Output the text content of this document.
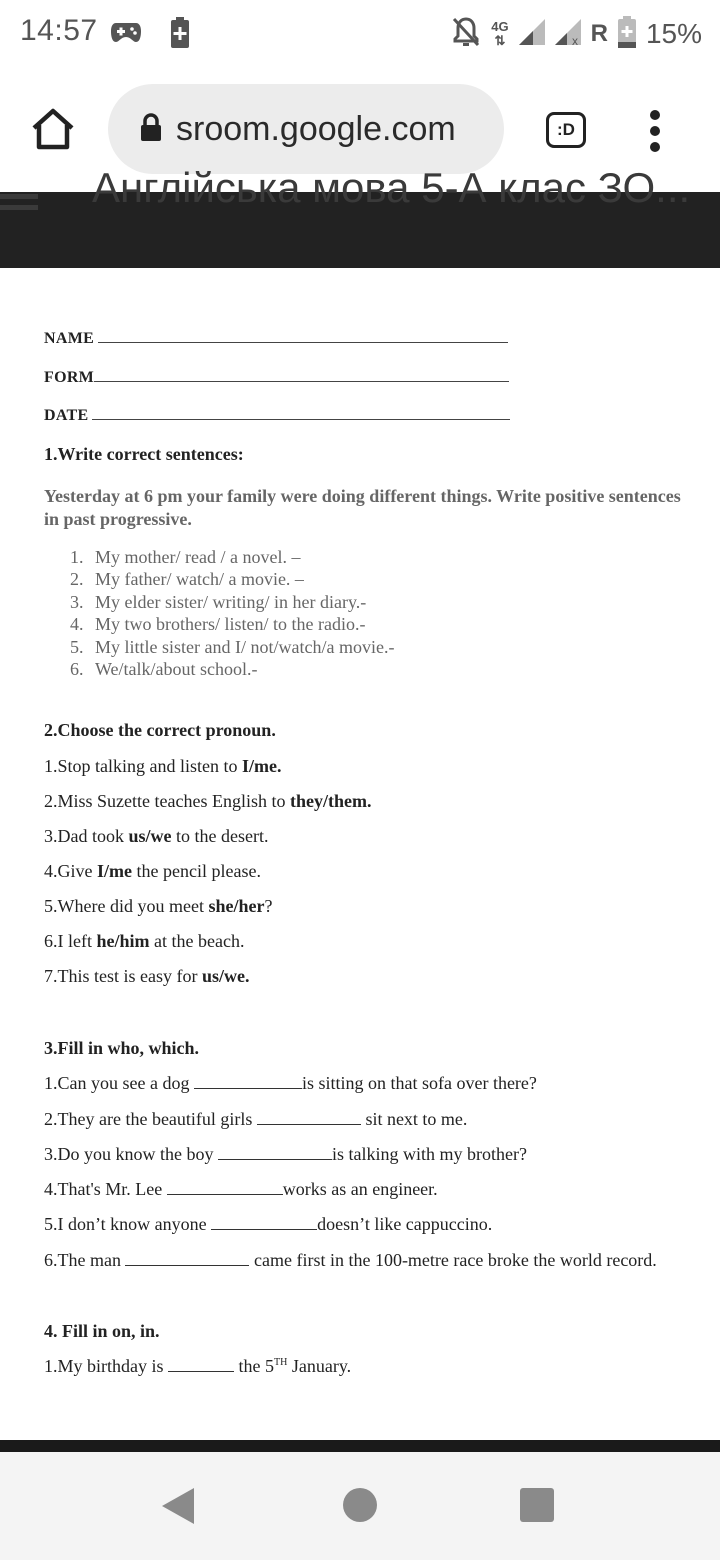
14:57	4G
⇅	x R 15%
sroom.google.com	:D
Англійська мова 5-А клас ЗО...
NAME
FORM
DATE
1.Write correct sentences:
Yesterday at 6 pm your family were doing different things. Write positive sentences in past progressive.
1. My mother/ read / a novel. –
2. My father/ watch/ a movie. –
3. My elder sister/ writing/ in her diary.-
4. My two brothers/ listen/ to the radio.-
5. My little sister and I/ not/watch/a movie.-
6. We/talk/about school.-
2.Choose the correct pronoun.
1.Stop talking and listen to I/me.
2.Miss Suzette teaches English to they/them.
3.Dad took us/we to the desert.
4.Give I/me the pencil please.
5.Where did you meet she/her?
6.I left he/him at the beach.
7.This test is easy for us/we.
3.Fill in who, which.
1.Can you see a dog	is sitting on that sofa over there?
2.They are the beautiful girls	sit next to me.
3.Do you know the boy	is talking with my brother?
4.That's Mr. Lee	works as an engineer.
5.I don’t know anyone	doesn’t like cappuccino.
6.The man	came first in the 100-metre race broke the world record.
4. Fill in on, in.
1.My birthday is	the 5TH January.
